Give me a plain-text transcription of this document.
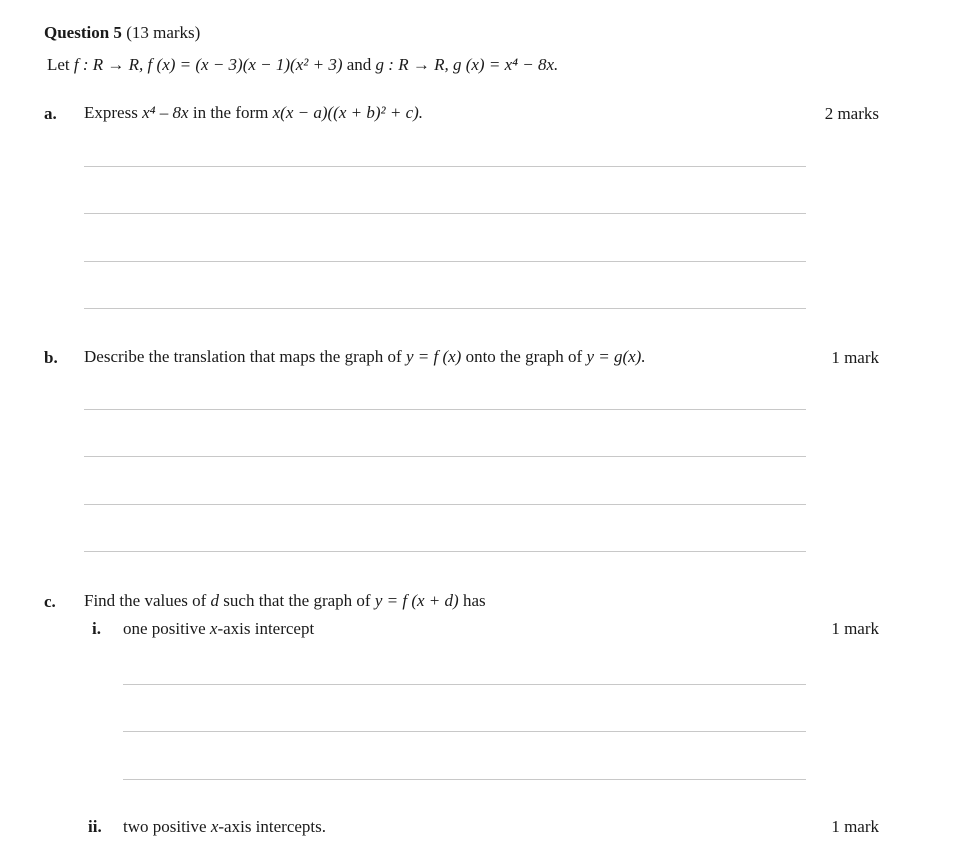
Question 5 (13 marks)
Let f : R → R, f (x) = (x − 3)(x − 1)(x² + 3) and g : R → R, g (x) = x⁴ − 8x.
a. Express x⁴ – 8x in the form x(x − a)((x + b)² + c).	2 marks
b. Describe the translation that maps the graph of y = f (x) onto the graph of y = g(x).	1 mark
c. Find the values of d such that the graph of y = f (x + d) has
i. one positive x-axis intercept	1 mark
ii. two positive x-axis intercepts.	1 mark
